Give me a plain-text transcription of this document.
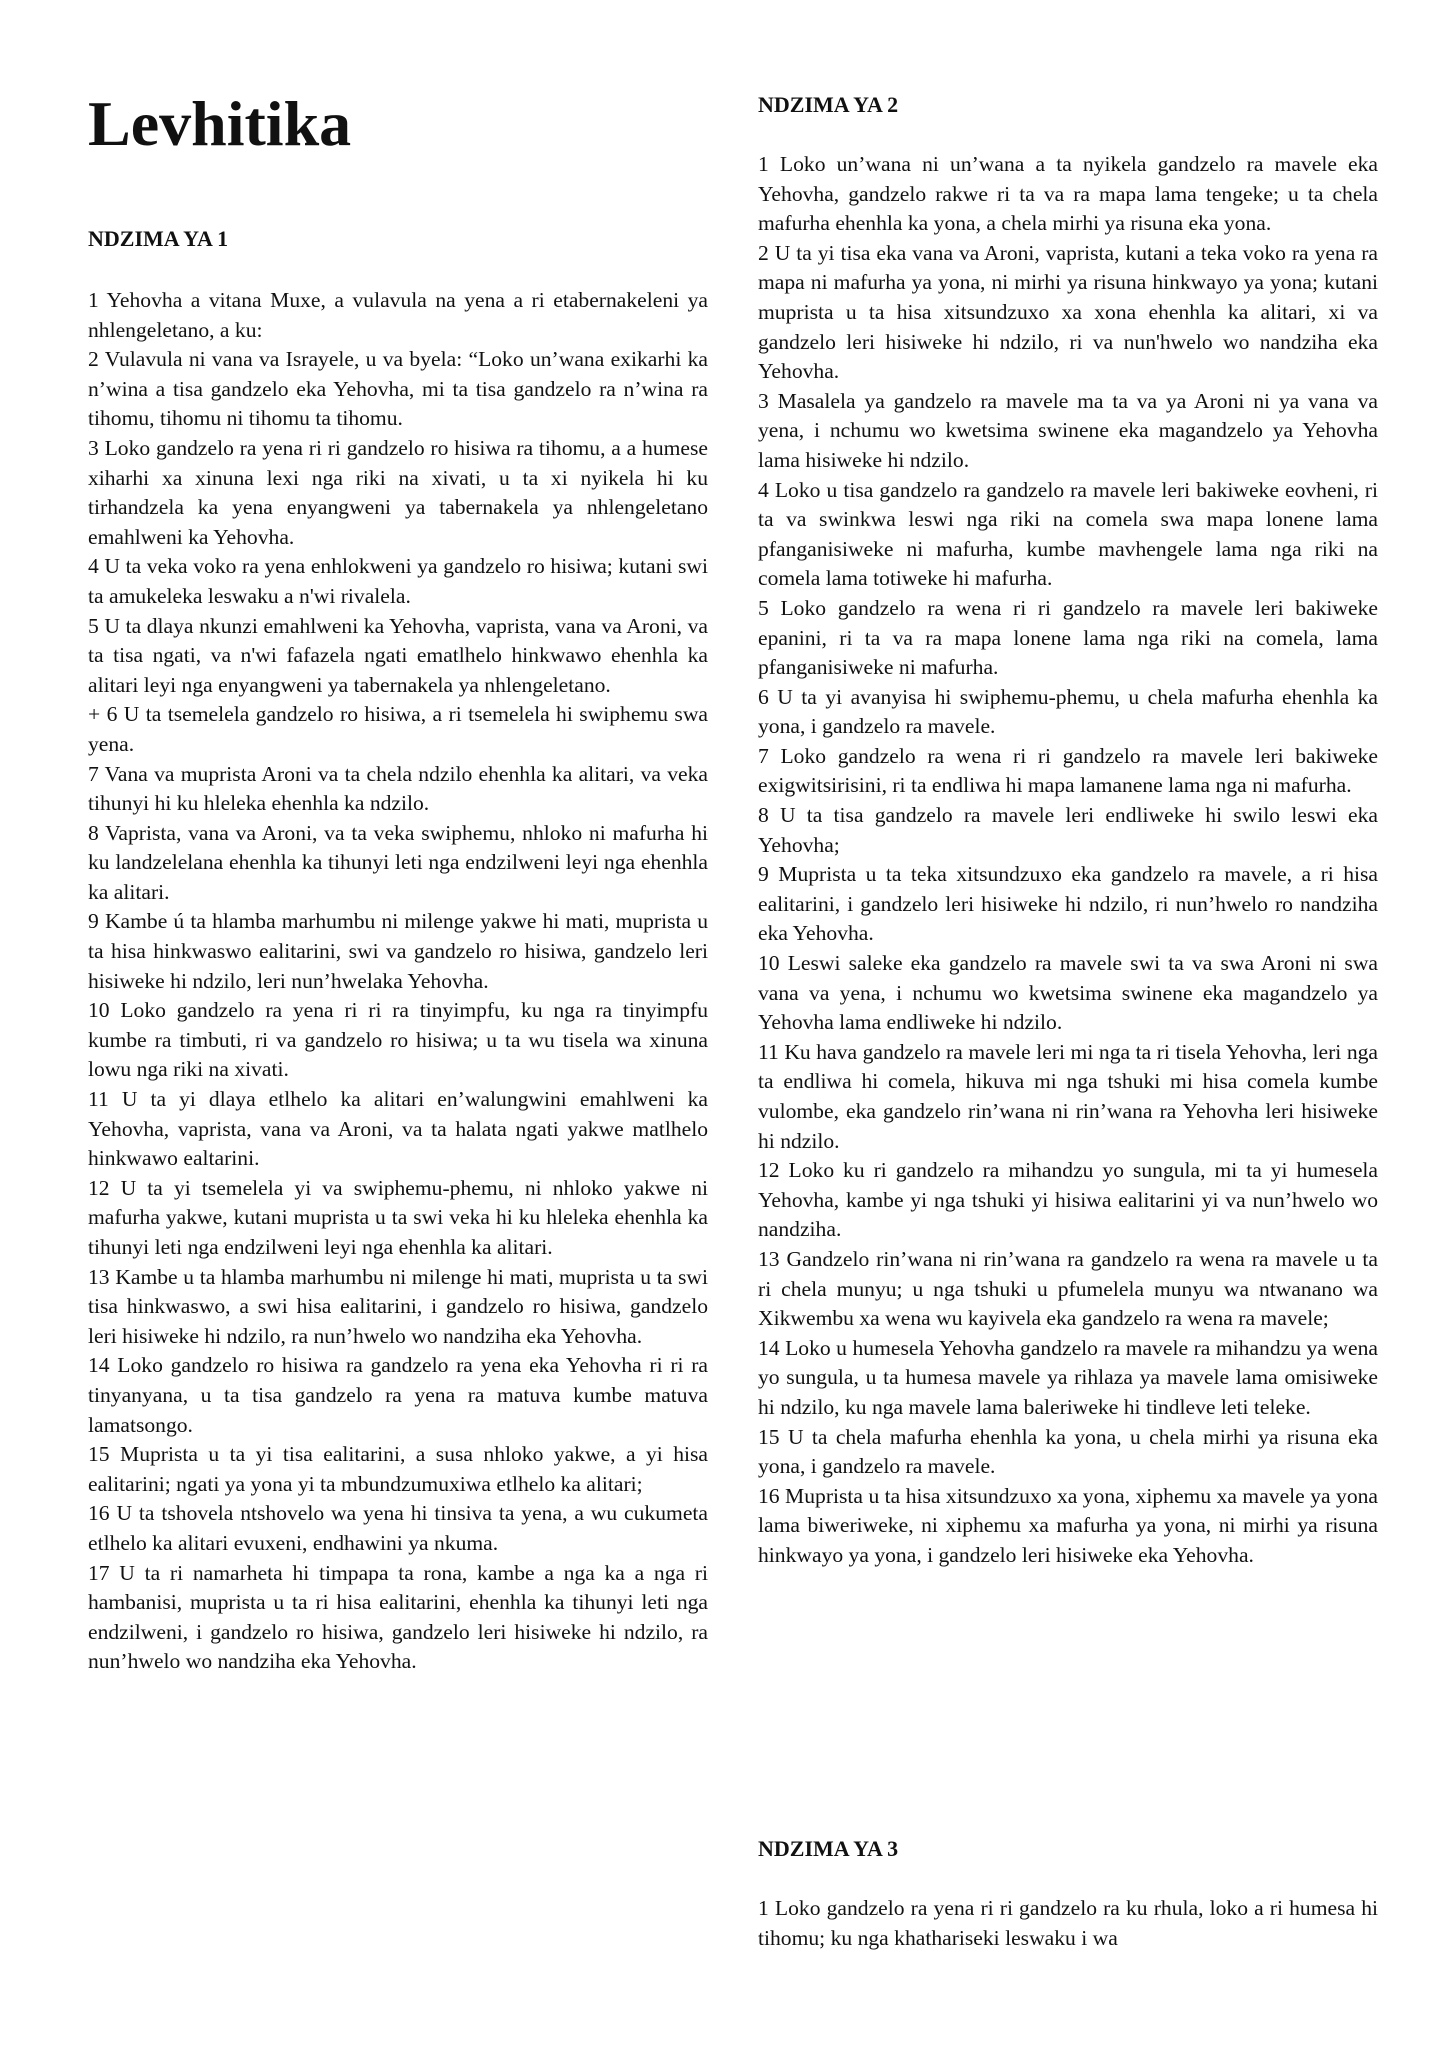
Levhitika
NDZIMA YA 1

1 Yehovha a vitana Muxe, a vulavula na yena a ri etabernakeleni ya nhlengeletano, a ku:

2 Vulavula ni vana va Israyele, u va byela: “Loko un’wana exikarhi ka n’wina a tisa gandzelo eka Yehovha, mi ta tisa gandzelo ra n’wina ra tihomu, tihomu ni tihomu ta tihomu.

3 Loko gandzelo ra yena ri ri gandzelo ro hisiwa ra tihomu, a a humese xiharhi xa xinuna lexi nga riki na xivati, u ta xi nyikela hi ku tirhandzela ka yena enyangweni ya tabernakela ya nhlengeletano emahlweni ka Yehovha.

4 U ta veka voko ra yena enhlokweni ya gandzelo ro hisiwa; kutani swi ta amukeleka leswaku a n'wi rivalela.

5 U ta dlaya nkunzi emahlweni ka Yehovha, vaprista, vana va Aroni, va ta tisa ngati, va n'wi fafazela ngati ematlhelo hinkwawo ehenhla ka alitari leyi nga enyangweni ya tabernakela ya nhlengeletano.

+ 6 U ta tsemelela gandzelo ro hisiwa, a ri tsemelela hi swiphemu swa yena.

7 Vana va muprista Aroni va ta chela ndzilo ehenhla ka alitari, va veka tihunyi hi ku hleleka ehenhla ka ndzilo.

8 Vaprista, vana va Aroni, va ta veka swiphemu, nhloko ni mafurha hi ku landzelelana ehenhla ka tihunyi leti nga endzilweni leyi nga ehenhla ka alitari.

9 Kambe ú ta hlamba marhumbu ni milenge yakwe hi mati, muprista u ta hisa hinkwaswo ealitarini, swi va gandzelo ro hisiwa, gandzelo leri hisiweke hi ndzilo, leri nun’hwelaka Yehovha.

10 Loko gandzelo ra yena ri ri ra tinyimpfu, ku nga ra tinyimpfu kumbe ra timbuti, ri va gandzelo ro hisiwa; u ta wu tisela wa xinuna lowu nga riki na xivati.

11 U ta yi dlaya etlhelo ka alitari en’walungwini emahlweni ka Yehovha, vaprista, vana va Aroni, va ta halata ngati yakwe matlhelo hinkwawo ealtarini.

12 U ta yi tsemelela yi va swiphemu-phemu, ni nhloko yakwe ni mafurha yakwe, kutani muprista u ta swi veka hi ku hleleka ehenhla ka tihunyi leti nga endzilweni leyi nga ehenhla ka alitari.

13 Kambe u ta hlamba marhumbu ni milenge hi mati, muprista u ta swi tisa hinkwaswo, a swi hisa ealitarini, i gandzelo ro hisiwa, gandzelo leri hisiweke hi ndzilo, ra nun’hwelo wo nandziha eka Yehovha.

14 Loko gandzelo ro hisiwa ra gandzelo ra yena eka Yehovha ri ri ra tinyanyana, u ta tisa gandzelo ra yena ra matuva kumbe matuva lamatsongo.

15 Muprista u ta yi tisa ealitarini, a susa nhloko yakwe, a yi hisa ealitarini; ngati ya yona yi ta mbundzumuxiwa etlhelo ka alitari;

16 U ta tshovela ntshovelo wa yena hi tinsiva ta yena, a wu cukumeta etlhelo ka alitari evuxeni, endhawini ya nkuma.

17 U ta ri namarheta hi timpapa ta rona, kambe a nga ka a nga ri hambanisi, muprista u ta ri hisa ealitarini, ehenhla ka tihunyi leti nga endzilweni, i gandzelo ro hisiwa, gandzelo leri hisiweke hi ndzilo, ra nun’hwelo wo nandziha eka Yehovha.

NDZIMA YA 2

1 Loko un’wana ni un’wana a ta nyikela gandzelo ra mavele eka Yehovha, gandzelo rakwe ri ta va ra mapa lama tengeke; u ta chela mafurha ehenhla ka yona, a chela mirhi ya risuna eka yona.

2 U ta yi tisa eka vana va Aroni, vaprista, kutani a teka voko ra yena ra mapa ni mafurha ya yona, ni mirhi ya risuna hinkwayo ya yona; kutani muprista u ta hisa xitsundzuxo xa xona ehenhla ka alitari, xi va gandzelo leri hisiweke hi ndzilo, ri va nun'hwelo wo nandziha eka Yehovha.

3 Masalela ya gandzelo ra mavele ma ta va ya Aroni ni ya vana va yena, i nchumu wo kwetsima swinene eka magandzelo ya Yehovha lama hisiweke hi ndzilo.

4 Loko u tisa gandzelo ra gandzelo ra mavele leri bakiweke eovheni, ri ta va swinkwa leswi nga riki na comela swa mapa lonene lama pfanganisiweke ni mafurha, kumbe mavhengele lama nga riki na comela lama totiweke hi mafurha.

5 Loko gandzelo ra wena ri ri gandzelo ra mavele leri bakiweke epanini, ri ta va ra mapa lonene lama nga riki na comela, lama pfanganisiweke ni mafurha.

6 U ta yi avanyisa hi swiphemu-phemu, u chela mafurha ehenhla ka yona, i gandzelo ra mavele.

7 Loko gandzelo ra wena ri ri gandzelo ra mavele leri bakiweke exigwitsirisini, ri ta endliwa hi mapa lamanene lama nga ni mafurha.

8 U ta tisa gandzelo ra mavele leri endliweke hi swilo leswi eka Yehovha;

9 Muprista u ta teka xitsundzuxo eka gandzelo ra mavele, a ri hisa ealitarini, i gandzelo leri hisiweke hi ndzilo, ri nun’hwelo ro nandziha eka Yehovha.

10 Leswi saleke eka gandzelo ra mavele swi ta va swa Aroni ni swa vana va yena, i nchumu wo kwetsima swinene eka magandzelo ya Yehovha lama endliweke hi ndzilo.

11 Ku hava gandzelo ra mavele leri mi nga ta ri tisela Yehovha, leri nga ta endliwa hi comela, hikuva mi nga tshuki mi hisa comela kumbe vulombe, eka gandzelo rin’wana ni rin’wana ra Yehovha leri hisiweke hi ndzilo.

12 Loko ku ri gandzelo ra mihandzu yo sungula, mi ta yi humesela Yehovha, kambe yi nga tshuki yi hisiwa ealitarini yi va nun’hwelo wo nandziha.

13 Gandzelo rin’wana ni rin’wana ra gandzelo ra wena ra mavele u ta ri chela munyu; u nga tshuki u pfumelela munyu wa ntwanano wa Xikwembu xa wena wu kayivela eka gandzelo ra wena ra mavele;

14 Loko u humesela Yehovha gandzelo ra mavele ra mihandzu ya wena yo sungula, u ta humesa mavele ya rihlaza ya mavele lama omisiweke hi ndzilo, ku nga mavele lama baleriweke hi tindleve leti teleke.

15 U ta chela mafurha ehenhla ka yona, u chela mirhi ya risuna eka yona, i gandzelo ra mavele.

16 Muprista u ta hisa xitsundzuxo xa yona, xiphemu xa mavele ya yona lama biweriweke, ni xiphemu xa mafurha ya yona, ni mirhi ya risuna hinkwayo ya yona, i gandzelo leri hisiweke eka Yehovha.

NDZIMA YA 3

1 Loko gandzelo ra yena ri ri gandzelo ra ku rhula, loko a ri humesa hi tihomu; ku nga khathariseki leswaku i wa
